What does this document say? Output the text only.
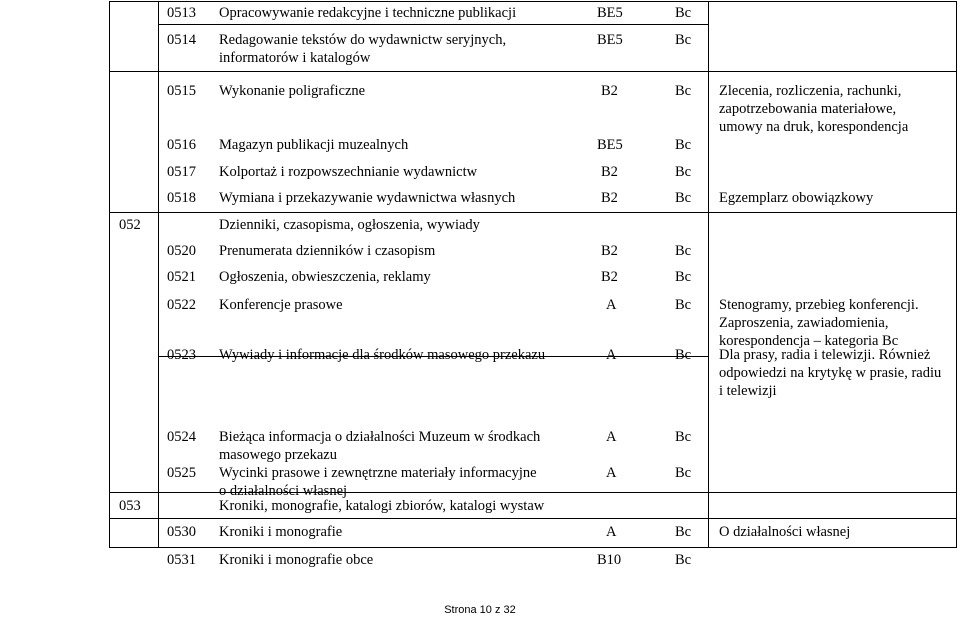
0513 Opracowywanie redakcyjne i techniczne publikacji	BE5	Bc
0514 Redagowanie tekstów do wydawnictw seryjnych,
informatorów i katalogów
BE5	Bc
0515 Wykonanie poligraficzne	B2	Bc Zlecenia, rozliczenia, rachunki,
zapotrzebowania materiałowe,
umowy na druk, korespondencja
0516 Magazyn publikacji muzealnych	BE5	Bc
0517 Kolportaż i rozpowszechnianie wydawnictw	B2	Bc
0518 Wymiana i przekazywanie wydawnictwa własnych	B2	Bc Egzemplarz obowiązkowy
052	Dzienniki, czasopisma, ogłoszenia, wywiady
0520 Prenumerata dzienników i czasopism	B2	Bc
0521 Ogłoszenia, obwieszczenia, reklamy	B2	Bc
0522 Konferencje prasowe	A	Bc Stenogramy, przebieg konferencji.
Zaproszenia, zawiadomienia,
korespondencja – kategoria Bc
0523 Wywiady i informacje dla środków masowego przekazu	A	Bc Dla prasy, radia i telewizji. Również
odpowiedzi na krytykę w prasie, radiu
i telewizji
0524 Bieżąca informacja o działalności Muzeum w środkach
masowego przekazu
A	Bc
0525 Wycinki prasowe i zewnętrzne materiały informacyjne
o działalności własnej
A	Bc
053	Kroniki, monografie, katalogi zbiorów, katalogi wystaw
0530 Kroniki i monografie	A	Bc O działalności własnej
0531 Kroniki i monografie obce	B10	Bc
Strona 10 z 32
